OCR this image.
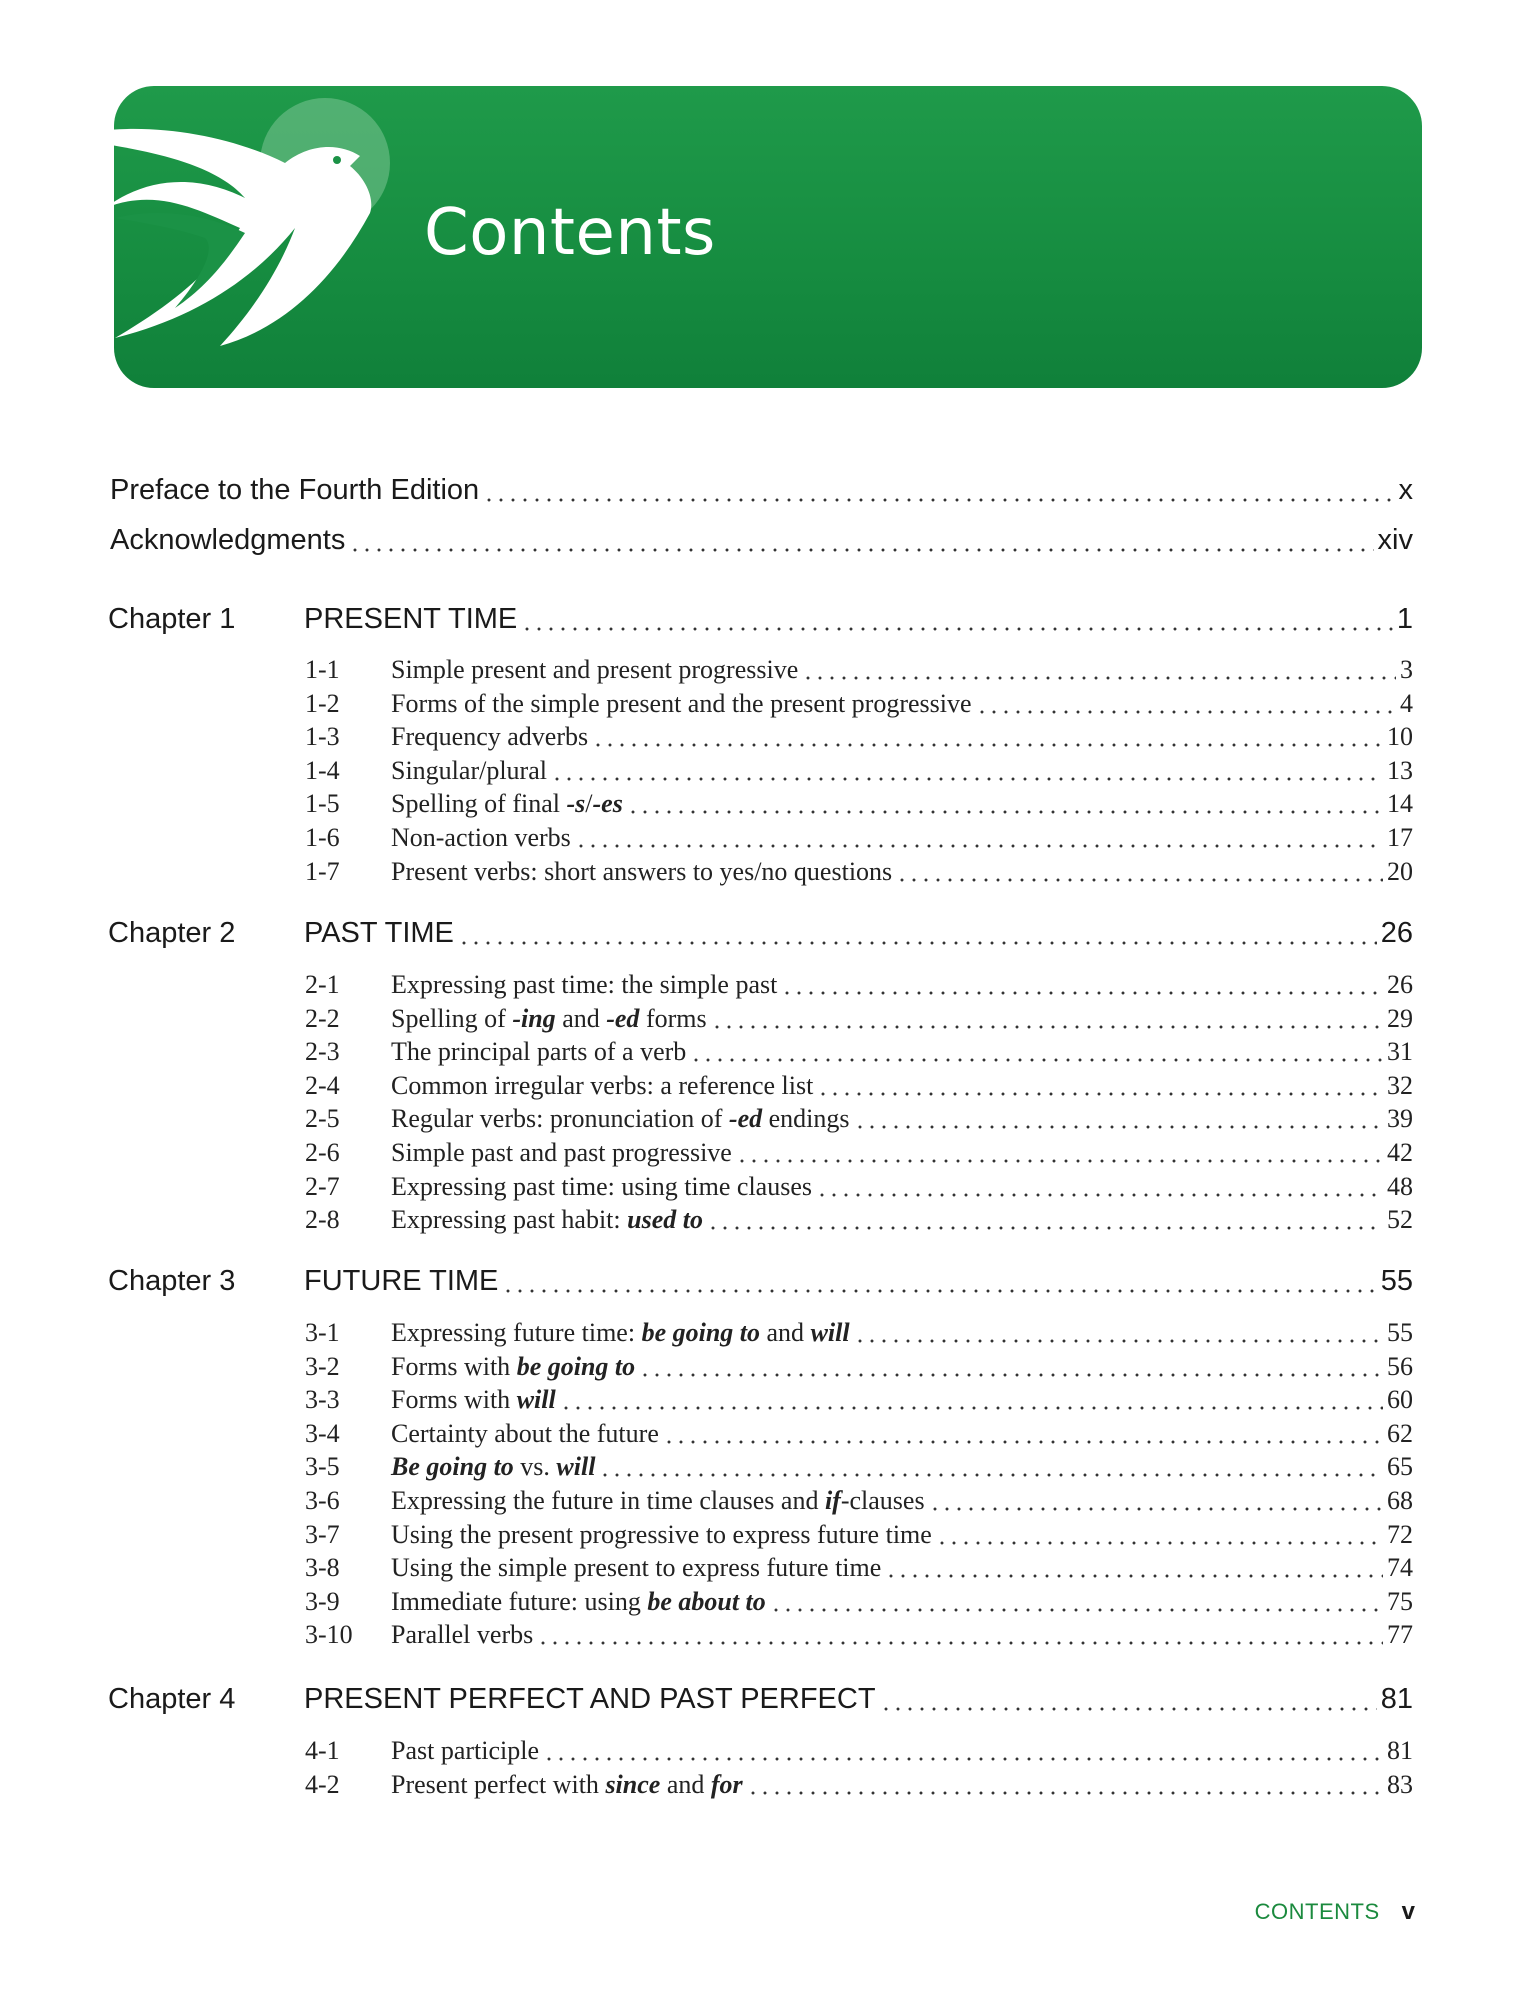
Contents
Preface to the Fourth Edition	x
Acknowledgments	xiv
Chapter 1 PRESENT TIME	1
1-1	Simple present and present progressive	3
1-2	Forms of the simple present and the present progressive	4
1-3	Frequency adverbs	10
1-4	Singular/plural	13
1-5	Spelling of final -s/-es	14
1-6	Non-action verbs	17
1-7	Present verbs: short answers to yes/no questions	20
Chapter 2 PAST TIME	26
2-1	Expressing past time: the simple past	26
2-2	Spelling of -ing and -ed forms	29
2-3	The principal parts of a verb	31
2-4	Common irregular verbs: a reference list	32
2-5	Regular verbs: pronunciation of -ed endings	39
2-6	Simple past and past progressive	42
2-7	Expressing past time: using time clauses	48
2-8	Expressing past habit: used to	52
Chapter 3 FUTURE TIME	55
3-1	Expressing future time: be going to and will	55
3-2	Forms with be going to	56
3-3	Forms with will	60
3-4	Certainty about the future	62
3-5	Be going to vs. will	65
3-6	Expressing the future in time clauses and if-clauses	68
3-7	Using the present progressive to express future time	72
3-8	Using the simple present to express future time	74
3-9	Immediate future: using be about to	75
3-10	Parallel verbs	77
Chapter 4 PRESENT PERFECT AND PAST PERFECT	81
4-1	Past participle	81
4-2	Present perfect with since and for	83
CONTENTS v
